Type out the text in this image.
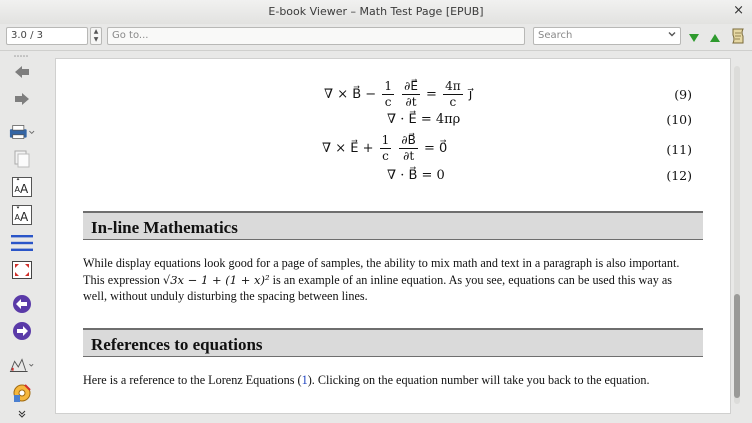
E-book Viewer – Math Test Page [EPUB]	×
3.0 / 3	▲
▼	Go to...	Search
A A
A A
∇ × B⃗ − $\frac{1}{c}$
$\frac{\partial E⃗}{\partial t} = \frac{4\pi}{c}$ j⃗	(9)
∇ · E⃗ = 4πρ	(10)
∇ × E⃗ + $\frac{1}{c}$
$\frac{\partial B⃗}{\partial t}$ = 0⃗	(11)
∇ · B⃗ = 0	(12)
In-line Mathematics
While display equations look good for a page of samples, the ability to mix math and text in a paragraph is also important.
This expression √3x − 1 + (1 + x)² is an example of an inline equation. As you see, equations can be used this way as
well, without unduly disturbing the spacing between lines.
References to equations
Here is a reference to the Lorenz Equations (1). Clicking on the equation number will take you back to the equation.
